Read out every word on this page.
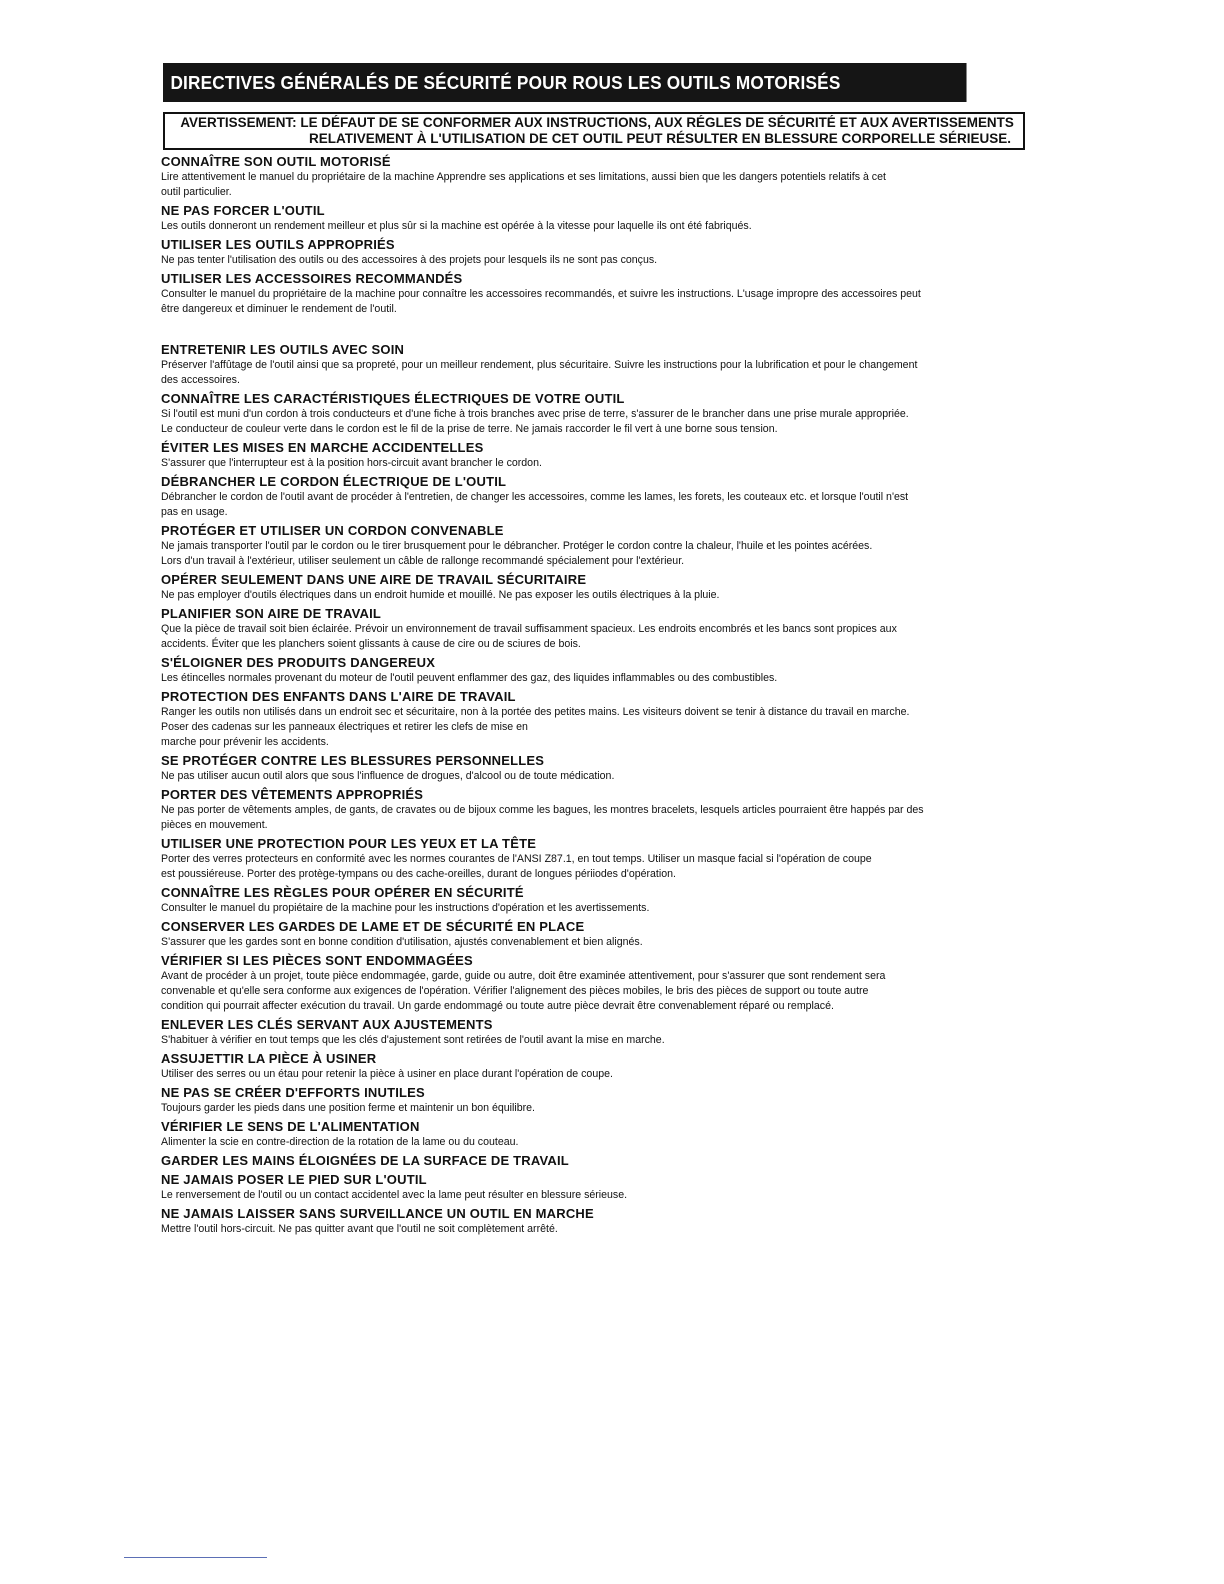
DIRECTIVES GÉNÉRALÉS DE SÉCURITÉ POUR ROUS LES OUTILS MOTORISÉS
AVERTISSEMENT: LE DÉFAUT DE SE CONFORMER AUX INSTRUCTIONS, AUX RÉGLES DE SÉCURITÉ ET AUX AVERTISSEMENTS
RELATIVEMENT À L'UTILISATION DE CET OUTIL PEUT RÉSULTER EN BLESSURE CORPORELLE SÉRIEUSE.
CONNAÎTRE SON OUTIL MOTORISÉ
Lire attentivement le manuel du propriétaire de la machine Apprendre ses applications et ses limitations, aussi bien que les dangers potentiels relatifs à cet
outil particulier.
NE PAS FORCER L'OUTIL
Les outils donneront un rendement meilleur et plus sûr si la machine est opérée à la vitesse pour laquelle ils ont été fabriqués.
UTILISER LES OUTILS APPROPRIÉS
Ne pas tenter l'utilisation des outils ou des accessoires à des projets pour lesquels ils ne sont pas conçus.
UTILISER LES ACCESSOIRES RECOMMANDÉS
Consulter le manuel du propriétaire de la machine pour connaître les accessoires recommandés, et suivre les instructions. L'usage impropre des accessoires peut
être dangereux et diminuer le rendement de l'outil.
ENTRETENIR LES OUTILS AVEC SOIN
Préserver l'affûtage de l'outil ainsi que sa propreté, pour un meilleur rendement, plus sécuritaire. Suivre les instructions pour la lubrification et pour le changement
des accessoires.
CONNAÎTRE LES CARACTÉRISTIQUES ÉLECTRIQUES DE VOTRE OUTIL
Si l'outil est muni d'un cordon à trois conducteurs et d'une fiche à trois branches avec prise de terre, s'assurer de le brancher dans une prise murale appropriée.
Le conducteur de couleur verte dans le cordon est le fil de la prise de terre. Ne jamais raccorder le fil vert à une borne sous tension.
ÉVITER LES MISES EN MARCHE ACCIDENTELLES
S'assurer que l'interrupteur est à la position hors-circuit avant brancher le cordon.
DÉBRANCHER LE CORDON ÉLECTRIQUE DE L'OUTIL
Débrancher le cordon de l'outil avant de procéder à l'entretien, de changer les accessoires, comme les lames, les forets, les couteaux etc. et lorsque l'outil n'est
pas en usage.
PROTÉGER ET UTILISER UN CORDON CONVENABLE
Ne jamais transporter l'outil par le cordon ou le tirer brusquement pour le débrancher. Protéger le cordon contre la chaleur, l'huile et les pointes acérées.
Lors d'un travail à l'extérieur, utiliser seulement un câble de rallonge recommandé spécialement pour l'extérieur.
OPÉRER SEULEMENT DANS UNE AIRE DE TRAVAIL SÉCURITAIRE
Ne pas employer d'outils électriques dans un endroit humide et mouillé. Ne pas exposer les outils électriques à la pluie.
PLANIFIER SON AIRE DE TRAVAIL
Que la pièce de travail soit bien éclairée. Prévoir un environnement de travail suffisamment spacieux. Les endroits encombrés et les bancs sont propices aux
accidents. Éviter que les planchers soient glissants à cause de cire ou de sciures de bois.
S'ÉLOIGNER DES PRODUITS DANGEREUX
Les étincelles normales provenant du moteur de l'outil peuvent enflammer des gaz, des liquides inflammables ou des combustibles.
PROTECTION DES ENFANTS DANS L'AIRE DE TRAVAIL
Ranger les outils non utilisés dans un endroit sec et sécuritaire, non à la portée des petites mains. Les visiteurs doivent se tenir à distance du travail en marche.
Poser des cadenas sur les panneaux électriques et retirer les clefs de mise en
marche pour prévenir les accidents.
SE PROTÉGER CONTRE LES BLESSURES PERSONNELLES
Ne pas utiliser aucun outil alors que sous l'influence de drogues, d'alcool ou de toute médication.
PORTER DES VÊTEMENTS APPROPRIÉS
Ne pas porter de vêtements amples, de gants, de cravates ou de bijoux comme les bagues, les montres bracelets, lesquels articles pourraient être happés par des
pièces en mouvement.
UTILISER UNE PROTECTION POUR LES YEUX ET LA TÊTE
Porter des verres protecteurs en conformité avec les normes courantes de l'ANSI Z87.1, en tout temps. Utiliser un masque facial si l'opération de coupe
est poussiéreuse. Porter des protège-tympans ou des cache-oreilles, durant de longues périiodes d'opération.
CONNAÎTRE LES RÈGLES POUR OPÉRER EN SÉCURITÉ
Consulter le manuel du propiétaire de la machine pour les instructions d'opération et les avertissements.
CONSERVER LES GARDES DE LAME ET DE SÉCURITÉ EN PLACE
S'assurer que les gardes sont en bonne condition d'utilisation, ajustés convenablement et bien alignés.
VÉRIFIER SI LES PIÈCES SONT ENDOMMAGÉES
Avant de procéder à un projet, toute pièce endommagée, garde, guide ou autre, doit être examinée attentivement, pour s'assurer que sont rendement sera
convenable et qu'elle sera conforme aux exigences de l'opération. Vérifier l'alignement des pièces mobiles, le bris des pièces de support ou toute autre
condition qui pourrait affecter exécution du travail. Un garde endommagé ou toute autre pièce devrait être convenablement réparé ou remplacé.
ENLEVER LES CLÉS SERVANT AUX AJUSTEMENTS
S'habituer à vérifier en tout temps que les clés d'ajustement sont retirées de l'outil avant la mise en marche.
ASSUJETTIR LA PIÈCE À USINER
Utiliser des serres ou un étau pour retenir la pièce à usiner en place durant l'opération de coupe.
NE PAS SE CRÉER D'EFFORTS INUTILES
Toujours garder les pieds dans une position ferme et maintenir un bon équilibre.
VÉRIFIER LE SENS DE L'ALIMENTATION
Alimenter la scie en contre-direction de la rotation de la lame ou du couteau.
GARDER LES MAINS ÉLOIGNÉES DE LA SURFACE DE TRAVAIL
NE JAMAIS POSER LE PIED SUR L'OUTIL
Le renversement de l'outil ou un contact accidentel avec la lame peut résulter en blessure sérieuse.
NE JAMAIS LAISSER SANS SURVEILLANCE UN OUTIL EN MARCHE
Mettre l'outil hors-circuit. Ne pas quitter avant que l'outil ne soit complètement arrêté.
